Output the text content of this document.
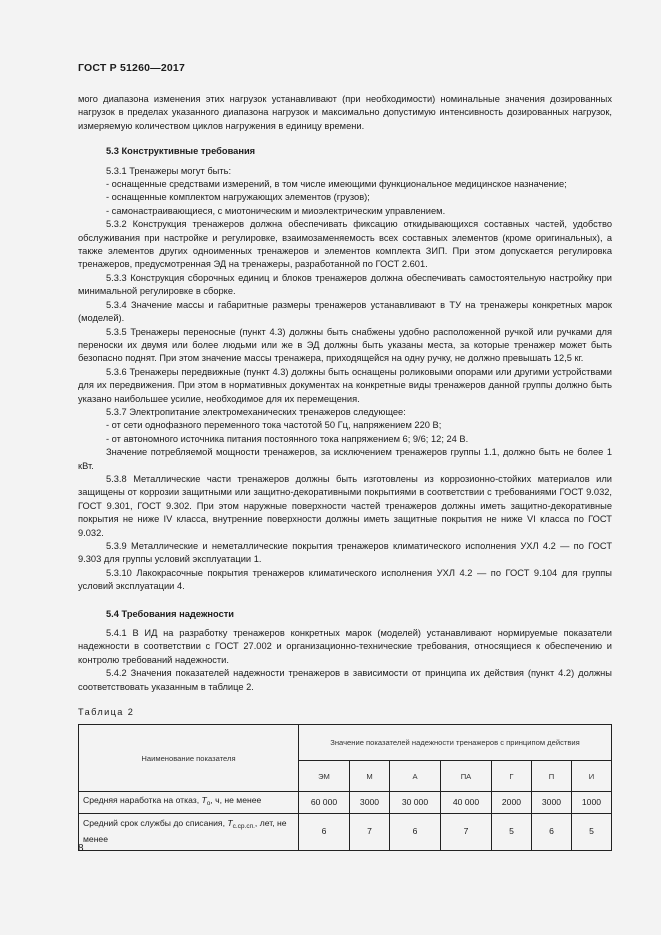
ГОСТ Р 51260—2017

мого диапазона изменения этих нагрузок устанавливают (при необходимости) номинальные значения дозированных нагрузок в пределах указанного диапазона нагрузок и максимально допустимую интенсивность дозированных нагрузок, измеряемую количеством циклов нагружения в единицу времени.

5.3 Конструктивные требования

5.3.1 Тренажеры могут быть:

- оснащенные средствами измерений, в том числе имеющими функциональное медицинское назначение;

- оснащенные комплектом нагружающих элементов (грузов);

- самонастраивающиеся, с миотоническим и миоэлектрическим управлением.

5.3.2 Конструкция тренажеров должна обеспечивать фиксацию откидывающихся составных частей, удобство обслуживания при настройке и регулировке, взаимозаменяемость всех составных элементов (кроме оригинальных), а также элементов других одноименных тренажеров и элементов комплекта ЗИП. При этом допускается регулировка тренажеров, предусмотренная ЭД на тренажеры, разработанной по ГОСТ 2.601.

5.3.3 Конструкция сборочных единиц и блоков тренажеров должна обеспечивать самостоятельную настройку при минимальной регулировке в сборке.

5.3.4 Значение массы и габаритные размеры тренажеров устанавливают в ТУ на тренажеры конкретных марок (моделей).

5.3.5 Тренажеры переносные (пункт 4.3) должны быть снабжены удобно расположенной ручкой или ручками для переноски их двумя или более людьми или же в ЭД должны быть указаны места, за которые тренажер может быть безопасно поднят. При этом значение массы тренажера, приходящейся на одну ручку, не должно превышать 12,5 кг.

5.3.6 Тренажеры передвижные (пункт 4.3) должны быть оснащены роликовыми опорами или другими устройствами для их передвижения. При этом в нормативных документах на конкретные виды тренажеров данной группы должно быть указано наибольшее усилие, необходимое для их перемещения.

5.3.7 Электропитание электромеханических тренажеров следующее:

- от сети однофазного переменного тока частотой 50 Гц, напряжением 220 В;

- от автономного источника питания постоянного тока напряжением 6; 9/6; 12; 24 В.

Значение потребляемой мощности тренажеров, за исключением тренажеров группы 1.1, должно быть не более 1 кВт.

5.3.8 Металлические части тренажеров должны быть изготовлены из коррозионно-стойких материалов или защищены от коррозии защитными или защитно-декоративными покрытиями в соответствии с требованиями ГОСТ 9.032, ГОСТ 9.301, ГОСТ 9.302. При этом наружные поверхности частей тренажеров должны иметь защитно-декоративные покрытия не ниже IV класса, внутренние поверхности должны иметь защитные покрытия не ниже VI класса по ГОСТ 9.032.

5.3.9 Металлические и неметаллические покрытия тренажеров климатического исполнения УХЛ 4.2 — по ГОСТ 9.303 для группы условий эксплуатации 1.

5.3.10 Лакокрасочные покрытия тренажеров климатического исполнения УХЛ 4.2 — по ГОСТ 9.104 для группы условий эксплуатации 4.

5.4 Требования надежности

5.4.1 В ИД на разработку тренажеров конкретных марок (моделей) устанавливают нормируемые показатели надежности в соответствии с ГОСТ 27.002 и организационно-технические требования, относящиеся к обеспечению и контролю требований надежности.

5.4.2 Значения показателей надежности тренажеров в зависимости от принципа их действия (пункт 4.2) должны соответствовать указанным в таблице 2.

Таблица 2
Наименование показателя	Значение показателей надежности тренажеров с принципом действия						
	ЭМ	М	А	ПА	Г	П	И
Средняя наработка на отказ, $T_о$, ч, не менее	60 000	3000	30 000	40 000	2000	3000	1000
Средний срок службы до списания, $T_{с.ср.сп.}$, лет, не менее	6	7	6	7	5	6	5
8
